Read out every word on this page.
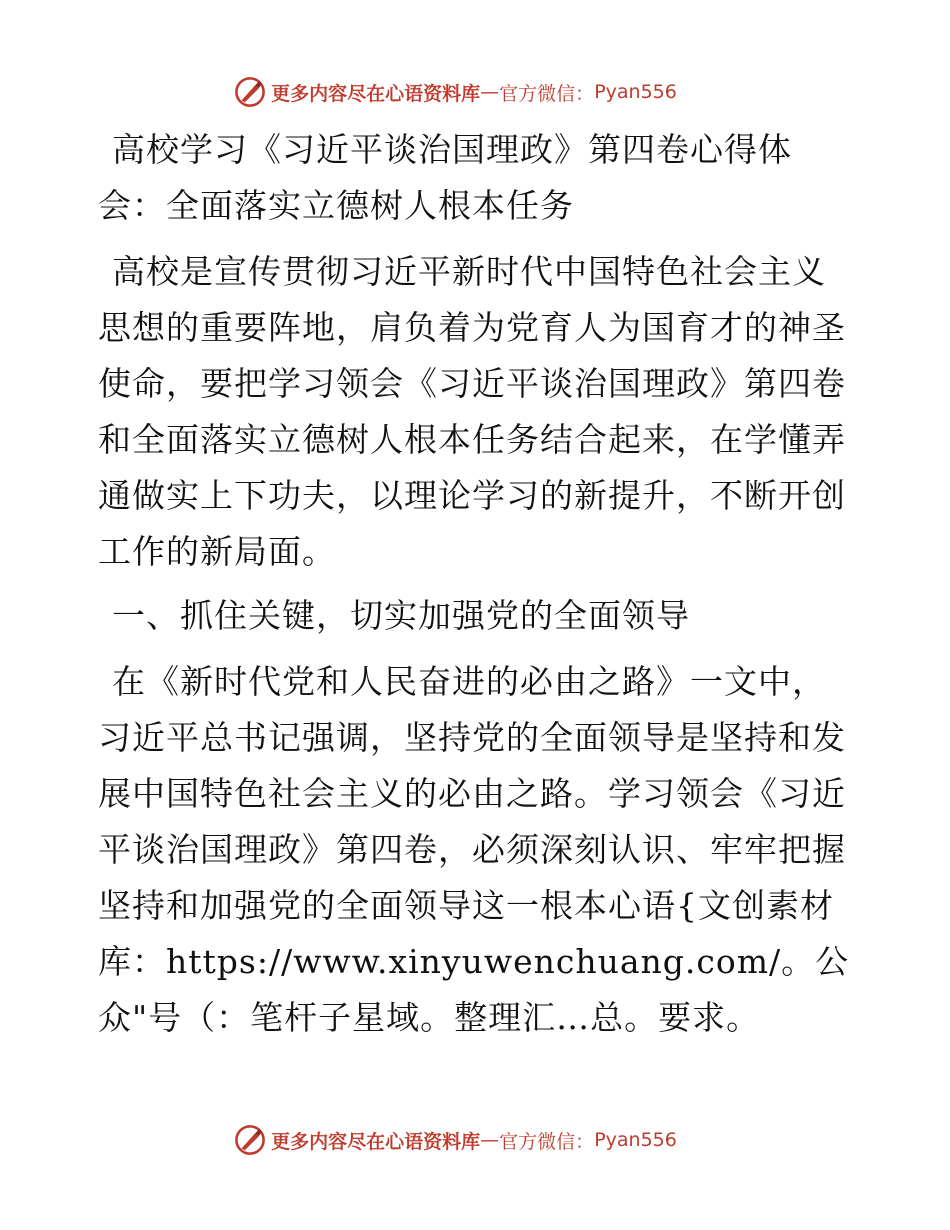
更多内容尽在心语资料库 — 官方微信： Pyan556

高校学习《习近平谈治国理政》第四卷心得体会：全面落实立德树人根本任务

高校是宣传贯彻习近平新时代中国特色社会主义思想的重要阵地，肩负着为党育人为国育才的神圣使命，要把学习领会《习近平谈治国理政》第四卷和全面落实立德树人根本任务结合起来，在学懂弄通做实上下功夫，以理论学习的新提升，不断开创工作的新局面。

一、抓住关键，切实加强党的全面领导

在《新时代党和人民奋进的必由之路》一文中，习近平总书记强调，坚持党的全面领导是坚持和发展中国特色社会主义的必由之路。学习领会《习近平谈治国理政》第四卷，必须深刻认识、牢牢把握坚持和加强党的全面领导这一根本心语{文创素材库：https://www.xinyuwenchuang.com/。公众"号（：笔杆子星域。整理汇…总。要求。

更多内容尽在心语资料库 — 官方微信： Pyan556
